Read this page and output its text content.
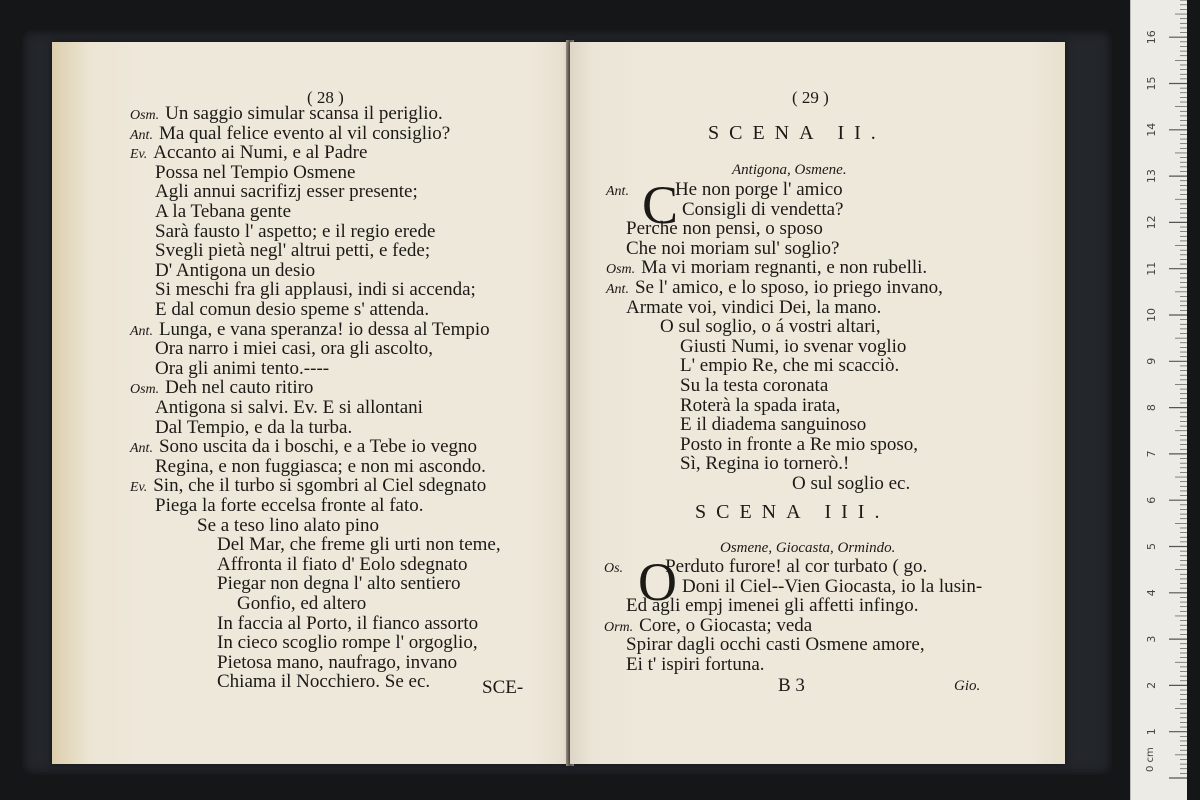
( 28 )
Osm. Un saggio simular scansa il periglio.
Ant. Ma qual felice evento al vil consiglio?
Ev. Accanto ai Numi, e al Padre
Possa nel Tempio Osmene
Agli annui sacrifizj esser presente;
A la Tebana gente
Sarà fausto l' aspetto; e il regio erede
Svegli pietà negl' altrui petti, e fede;
D' Antigona un desio
Si meschi fra gli applausi, indi si accenda;
E dal comun desio speme s' attenda.
Ant. Lunga, e vana speranza! io dessa al Tempio
Ora narro i miei casi, ora gli ascolto,
Ora gli animi tento.----
Osm. Deh nel cauto ritiro
Antigona si salvi. Ev. E si allontani
Dal Tempio, e da la turba.
Ant. Sono uscita da i boschi, e a Tebe io vegno
Regina, e non fuggiasca; e non mi ascondo.
Ev. Sin, che il turbo si sgombri al Ciel sdegnato
Piega la forte eccelsa fronte al fato.
Se a teso lino alato pino
Del Mar, che freme gli urti non teme,
Affronta il fiato d' Eolo sdegnato
Piegar non degna l' alto sentiero
Gonfio, ed altero
In faccia al Porto, il fianco assorto
In cieco scoglio rompe l' orgoglio,
Pietosa mano, naufrago, invano
Chiama il Nocchiero. Se ec.	SCE-
( 29 )
SCENA II.
Antigona, Osmene.
C
Ant. He non porge l' amico
Consigli di vendetta?
Perche non pensi, o sposo
Che noi moriam sul' soglio?
Osm. Ma vi moriam regnanti, e non rubelli.
Ant. Se l' amico, e lo sposo, io priego invano,
Armate voi, vindici Dei, la mano.
O sul soglio, o á vostri altari,
Giusti Numi, io svenar voglio
L' empio Re, che mi scacciò.
Su la testa coronata
Roterà la spada irata,
E il diadema sanguinoso
Posto in fronte a Re mio sposo,
Sì, Regina io tornerò.!
O sul soglio ec.
SCENA III.
Osmene, Giocasta, Ormindo.
O
Os. Perduto furore! al cor turbato ( go.
Doni il Ciel--Vien Giocasta, io la lusin-
Ed agli empj imenei gli affetti infingo.
Orm. Core, o Giocasta; veda
Spirar dagli occhi casti Osmene amore,
Ei t' ispiri fortuna.
B 3	Gio.
0 cm
1
2
3
4
5
6
7
8
9
10
11
12
13
14
15
16
